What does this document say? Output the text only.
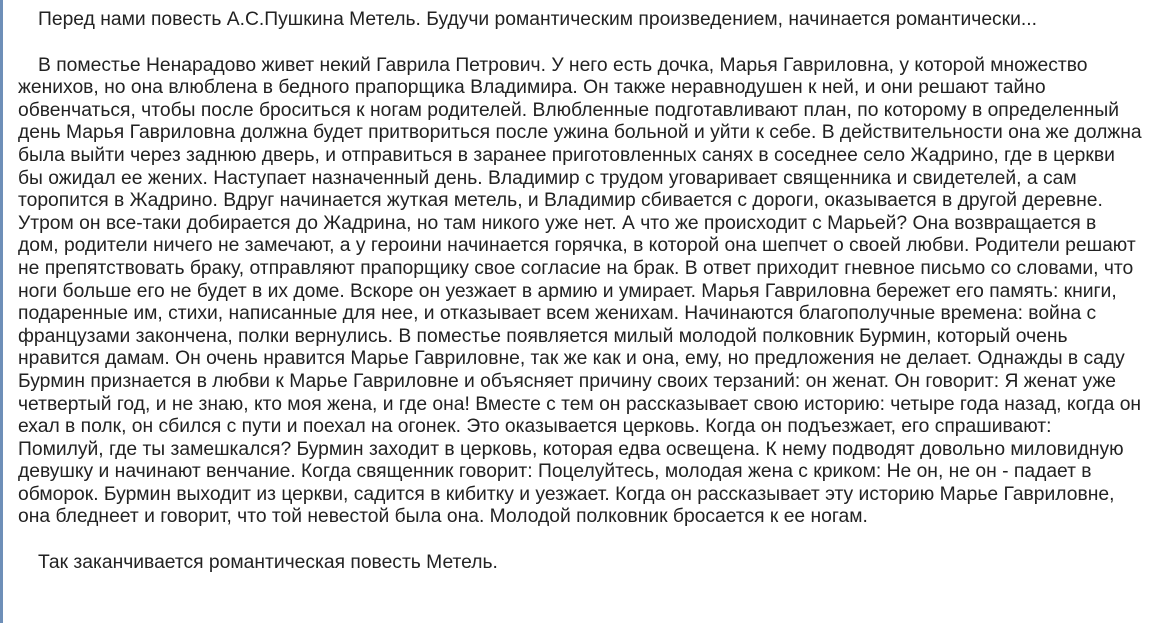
Перед нами повесть А.С.Пушкина Метель. Будучи романтическим произведением, начинается романтически...

В поместье Ненарадово живет некий Гаврила Петрович. У него есть дочка, Марья Гавриловна, у которой множество женихов, но она влюблена в бедного прапорщика Владимира. Он также неравнодушен к ней, и они решают тайно обвенчаться, чтобы после броситься к ногам родителей. Влюбленные подготавливают план, по которому в определенный день Марья Гавриловна должна будет притвориться после ужина больной и уйти к себе. В действительности она же должна была выйти через заднюю дверь, и отправиться в заранее приготовленных санях в соседнее село Жадрино, где в церкви бы ожидал ее жених. Наступает назначенный день. Владимир с трудом уговаривает священника и свидетелей, а сам торопится в Жадрино. Вдруг начинается жуткая метель, и Владимир сбивается с дороги, оказывается в другой деревне. Утром он все-таки добирается до Жадрина, но там никого уже нет. А что же происходит с Марьей? Она возвращается в дом, родители ничего не замечают, а у героини начинается горячка, в которой она шепчет о своей любви. Родители решают не препятствовать браку, отправляют прапорщику свое согласие на брак. В ответ приходит гневное письмо со словами, что ноги больше его не будет в их доме. Вскоре он уезжает в армию и умирает. Марья Гавриловна бережет его память: книги, подаренные им, стихи, написанные для нее, и отказывает всем женихам. Начинаются благополучные времена: война с французами закончена, полки вернулись. В поместье появляется милый молодой полковник Бурмин, который очень нравится дамам. Он очень нравится Марье Гавриловне, так же как и она, ему, но предложения не делает. Однажды в саду Бурмин признается в любви к Марье Гавриловне и объясняет причину своих терзаний: он женат. Он говорит: Я женат уже четвертый год, и не знаю, кто моя жена, и где она! Вместе с тем он рассказывает свою историю: четыре года назад, когда он ехал в полк, он сбился с пути и поехал на огонек. Это оказывается церковь. Когда он подъезжает, его спрашивают: Помилуй, где ты замешкался? Бурмин заходит в церковь, которая едва освещена. К нему подводят довольно миловидную девушку и начинают венчание. Когда священник говорит: Поцелуйтесь, молодая жена с криком: Не он, не он - падает в обморок. Бурмин выходит из церкви, садится в кибитку и уезжает. Когда он рассказывает эту историю Марье Гавриловне, она бледнеет и говорит, что той невестой была она. Молодой полковник бросается к ее ногам.

Так заканчивается романтическая повесть Метель.
